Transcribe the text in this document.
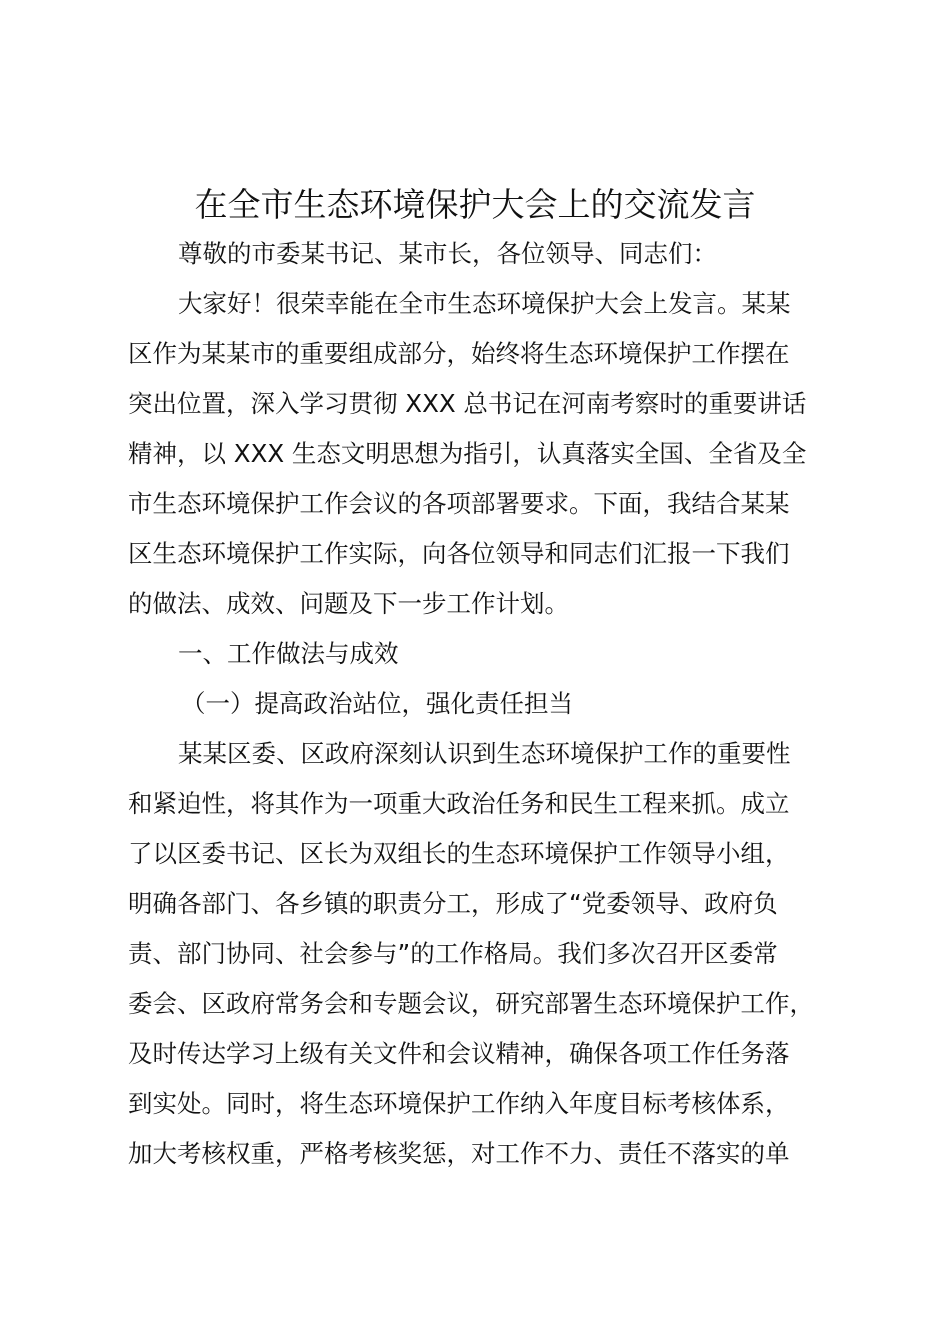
在全市生态环境保护大会上的交流发言
尊敬的市委某书记、某市长，各位领导、同志们：
大家好！很荣幸能在全市生态环境保护大会上发言。某某
区作为某某市的重要组成部分，始终将生态环境保护工作摆在
突出位置，深入学习贯彻 XXX 总书记在河南考察时的重要讲话
精神，以 XXX 生态文明思想为指引，认真落实全国、全省及全
市生态环境保护工作会议的各项部署要求。下面，我结合某某
区生态环境保护工作实际，向各位领导和同志们汇报一下我们
的做法、成效、问题及下一步工作计划。
一、工作做法与成效
（一）提高政治站位，强化责任担当
某某区委、区政府深刻认识到生态环境保护工作的重要性
和紧迫性，将其作为一项重大政治任务和民生工程来抓。成立
了以区委书记、区长为双组长的生态环境保护工作领导小组，
明确各部门、各乡镇的职责分工，形成了“党委领导、政府负
责、部门协同、社会参与”的工作格局。我们多次召开区委常
委会、区政府常务会和专题会议，研究部署生态环境保护工作，
及时传达学习上级有关文件和会议精神，确保各项工作任务落
到实处。同时，将生态环境保护工作纳入年度目标考核体系，
加大考核权重，严格考核奖惩，对工作不力、责任不落实的单
